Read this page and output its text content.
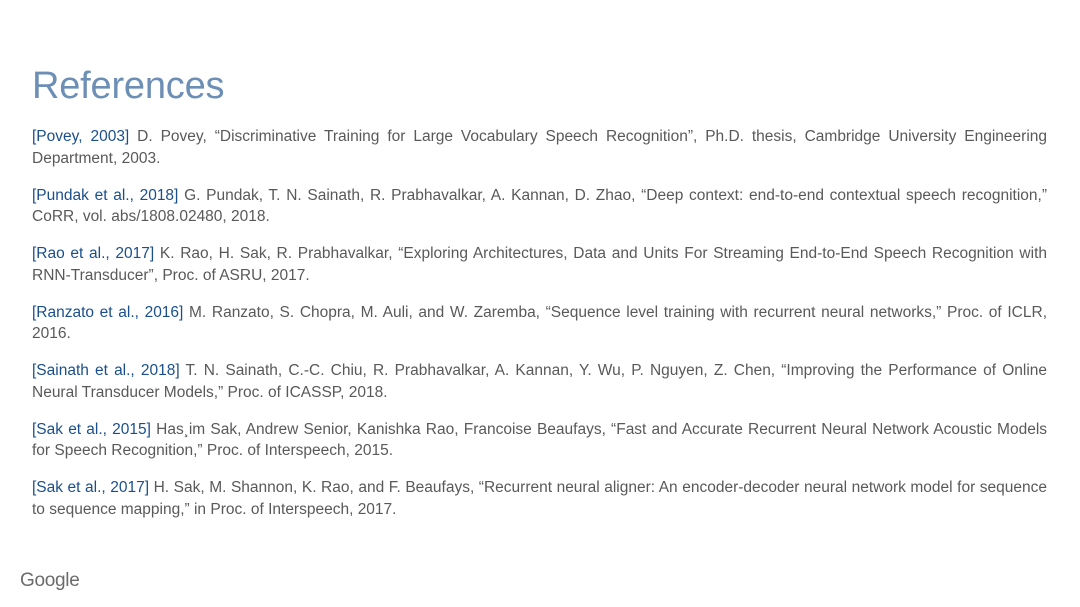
References
[Povey, 2003] D. Povey, “Discriminative Training for Large Vocabulary Speech Recognition”, Ph.D. thesis, Cambridge University Engineering Department, 2003.
[Pundak et al., 2018] G. Pundak, T. N. Sainath, R. Prabhavalkar, A. Kannan, D. Zhao, “Deep context: end-to-end contextual speech recognition,” CoRR, vol. abs/1808.02480, 2018.
[Rao et al., 2017] K. Rao, H. Sak, R. Prabhavalkar, “Exploring Architectures, Data and Units For Streaming End-to-End Speech Recognition with RNN-Transducer”, Proc. of ASRU, 2017.
[Ranzato et al., 2016] M. Ranzato, S. Chopra, M. Auli, and W. Zaremba, “Sequence level training with recurrent neural networks,” Proc. of ICLR, 2016.
[Sainath et al., 2018] T. N. Sainath, C.-C. Chiu, R. Prabhavalkar, A. Kannan, Y. Wu, P. Nguyen, Z. Chen, “Improving the Performance of Online Neural Transducer Models,” Proc. of ICASSP, 2018.
[Sak et al., 2015] Has¸im Sak, Andrew Senior, Kanishka Rao, Francoise Beaufays, “Fast and Accurate Recurrent Neural Network Acoustic Models for Speech Recognition,” Proc. of Interspeech, 2015.
[Sak et al., 2017] H. Sak, M. Shannon, K. Rao, and F. Beaufays, “Recurrent neural aligner: An encoder-decoder neural network model for sequence to sequence mapping,” in Proc. of Interspeech, 2017.
Google
